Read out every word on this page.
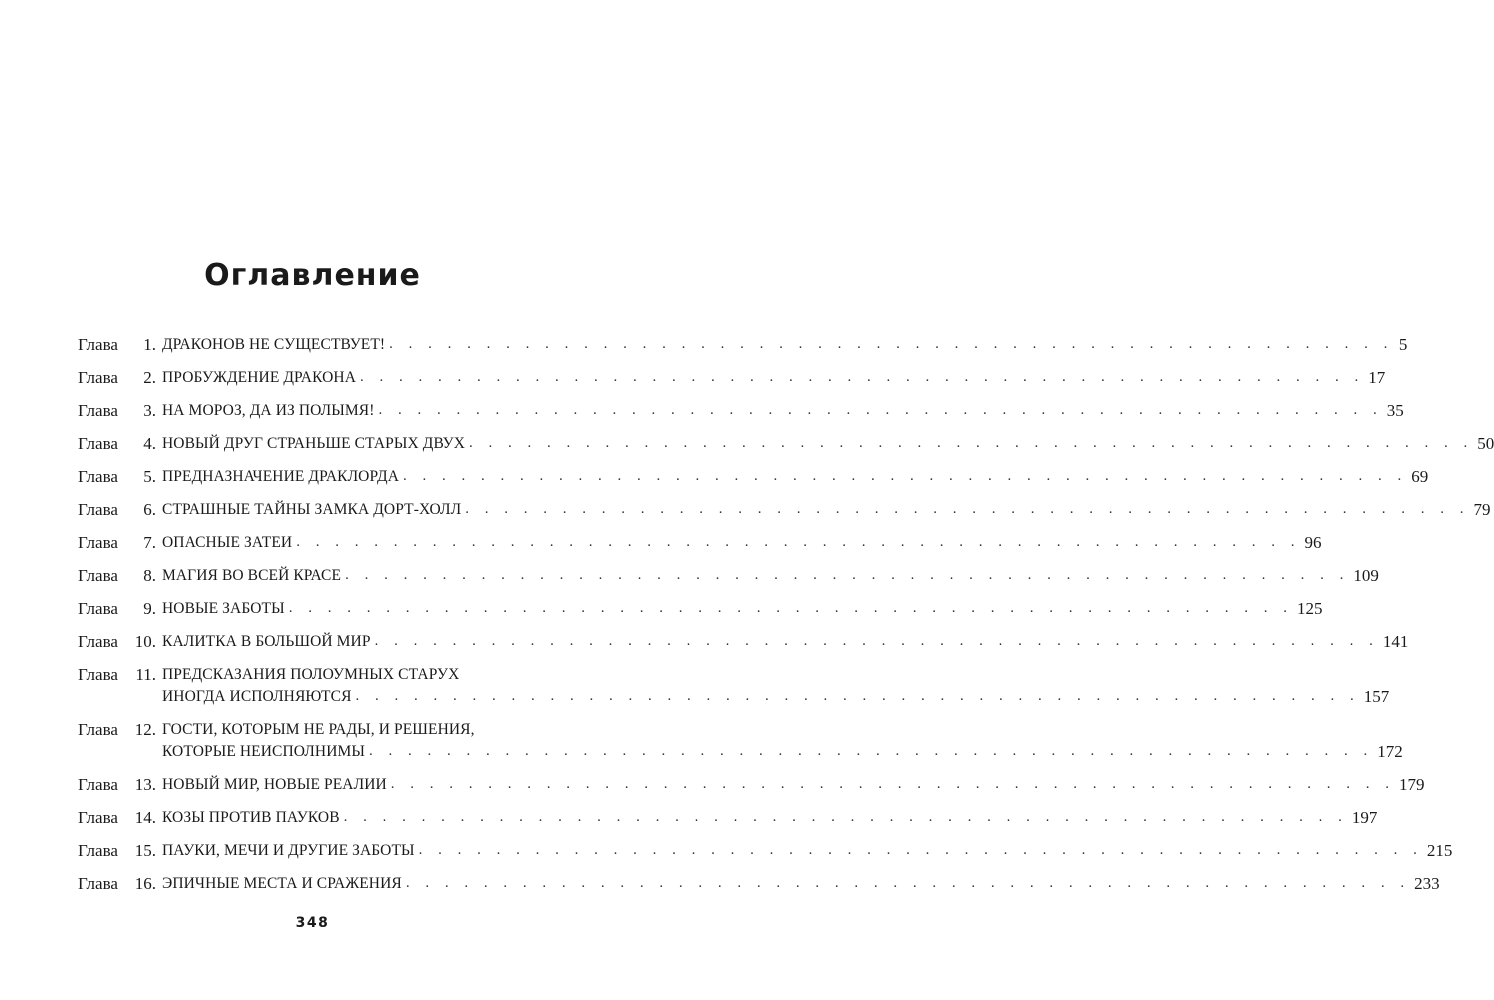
Оглавление
Глава	1. ДРАКОНОВ НЕ СУЩЕСТВУЕТ! . . . . . . . . . . . . . . . . . . . . . . . . . . . . . . . . . . . . . . . . . . . . . . . . . . . . 5
Глава	2. ПРОБУЖДЕНИЕ ДРАКОНА . . . . . . . . . . . . . . . . . . . . . . . . . . . . . . . . . . . . . . . . . . . . . . . . . . . . 17
Глава	3. НА МОРОЗ, ДА ИЗ ПОЛЫМЯ! . . . . . . . . . . . . . . . . . . . . . . . . . . . . . . . . . . . . . . . . . . . . . . . . . . . . 35
Глава	4. НОВЫЙ ДРУГ СТРАНЬШЕ СТАРЫХ ДВУХ . . . . . . . . . . . . . . . . . . . . . . . . . . . . . . . . . . . . . . . . . . . . . . . . . . . . 50
Глава	5. ПРЕДНАЗНАЧЕНИЕ ДРАКЛОРДА . . . . . . . . . . . . . . . . . . . . . . . . . . . . . . . . . . . . . . . . . . . . . . . . . . . . 69
Глава	6. СТРАШНЫЕ ТАЙНЫ ЗАМКА ДОРТ-ХОЛЛ . . . . . . . . . . . . . . . . . . . . . . . . . . . . . . . . . . . . . . . . . . . . . . . . . . . . 79
Глава	7. ОПАСНЫЕ ЗАТЕИ . . . . . . . . . . . . . . . . . . . . . . . . . . . . . . . . . . . . . . . . . . . . . . . . . . . . 96
Глава	8. МАГИЯ ВО ВСЕЙ КРАСЕ . . . . . . . . . . . . . . . . . . . . . . . . . . . . . . . . . . . . . . . . . . . . . . . . . . . . 109
Глава	9. НОВЫЕ ЗАБОТЫ . . . . . . . . . . . . . . . . . . . . . . . . . . . . . . . . . . . . . . . . . . . . . . . . . . . . 125
Глава 10. КАЛИТКА В БОЛЬШОЙ МИР . . . . . . . . . . . . . . . . . . . . . . . . . . . . . . . . . . . . . . . . . . . . . . . . . . . . 141
Глава	11. ПРЕДСКАЗАНИЯ ПОЛОУМНЫХ СТАРУХ
ИНОГДА ИСПОЛНЯЮТСЯ . . . . . . . . . . . . . . . . . . . . . . . . . . . . . . . . . . . . . . . . . . . . . . . . . . . . 157
Глава 12. ГОСТИ, КОТОРЫМ НЕ РАДЫ, И РЕШЕНИЯ,
КОТОРЫЕ НЕИСПОЛНИМЫ . . . . . . . . . . . . . . . . . . . . . . . . . . . . . . . . . . . . . . . . . . . . . . . . . . . . 172
Глава 13. НОВЫЙ МИР, НОВЫЕ РЕАЛИИ . . . . . . . . . . . . . . . . . . . . . . . . . . . . . . . . . . . . . . . . . . . . . . . . . . . . 179
Глава 14. КОЗЫ ПРОТИВ ПАУКОВ . . . . . . . . . . . . . . . . . . . . . . . . . . . . . . . . . . . . . . . . . . . . . . . . . . . . 197
Глава 15. ПАУКИ, МЕЧИ И ДРУГИЕ ЗАБОТЫ . . . . . . . . . . . . . . . . . . . . . . . . . . . . . . . . . . . . . . . . . . . . . . . . . . . . 215
Глава 16. ЭПИЧНЫЕ МЕСТА И СРАЖЕНИЯ . . . . . . . . . . . . . . . . . . . . . . . . . . . . . . . . . . . . . . . . . . . . . . . . . . . . 233
348
